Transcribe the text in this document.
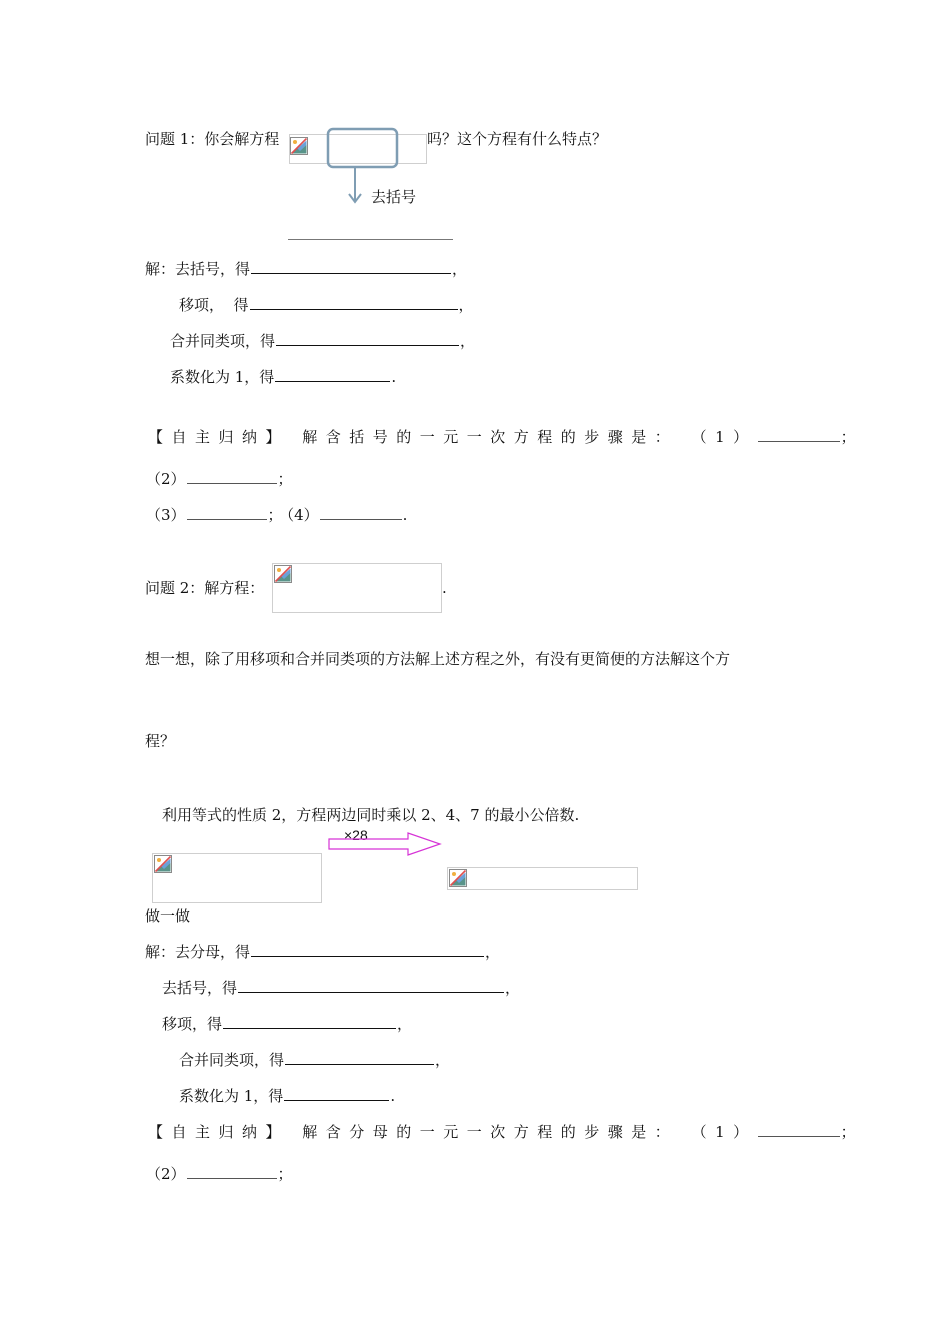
问题 1：你会解方程	吗？这个方程有什么特点？
去括号
解：去括号，得	，
移项，  得	，
合并同类项，得	，
系数化为 1，得	.
【自主归纳】 解含括号的一元一次方程的步骤是： （1）	；
（2）	；
（3）	； （4）	.
问题 2：解方程：	.
想一想，除了用移项和合并同类项的方法解上述方程之外，有没有更简便的方法解这个方
程？
利用等式的性质 2，方程两边同时乘以 2、4、7 的最小公倍数.
×28
做一做
解：去分母，得	，
去括号，得	，
移项，得	，
合并同类项，得	，
系数化为 1，得	.
【自主归纳】 解含分母的一元一次方程的步骤是： （1）	；
（2）	；
